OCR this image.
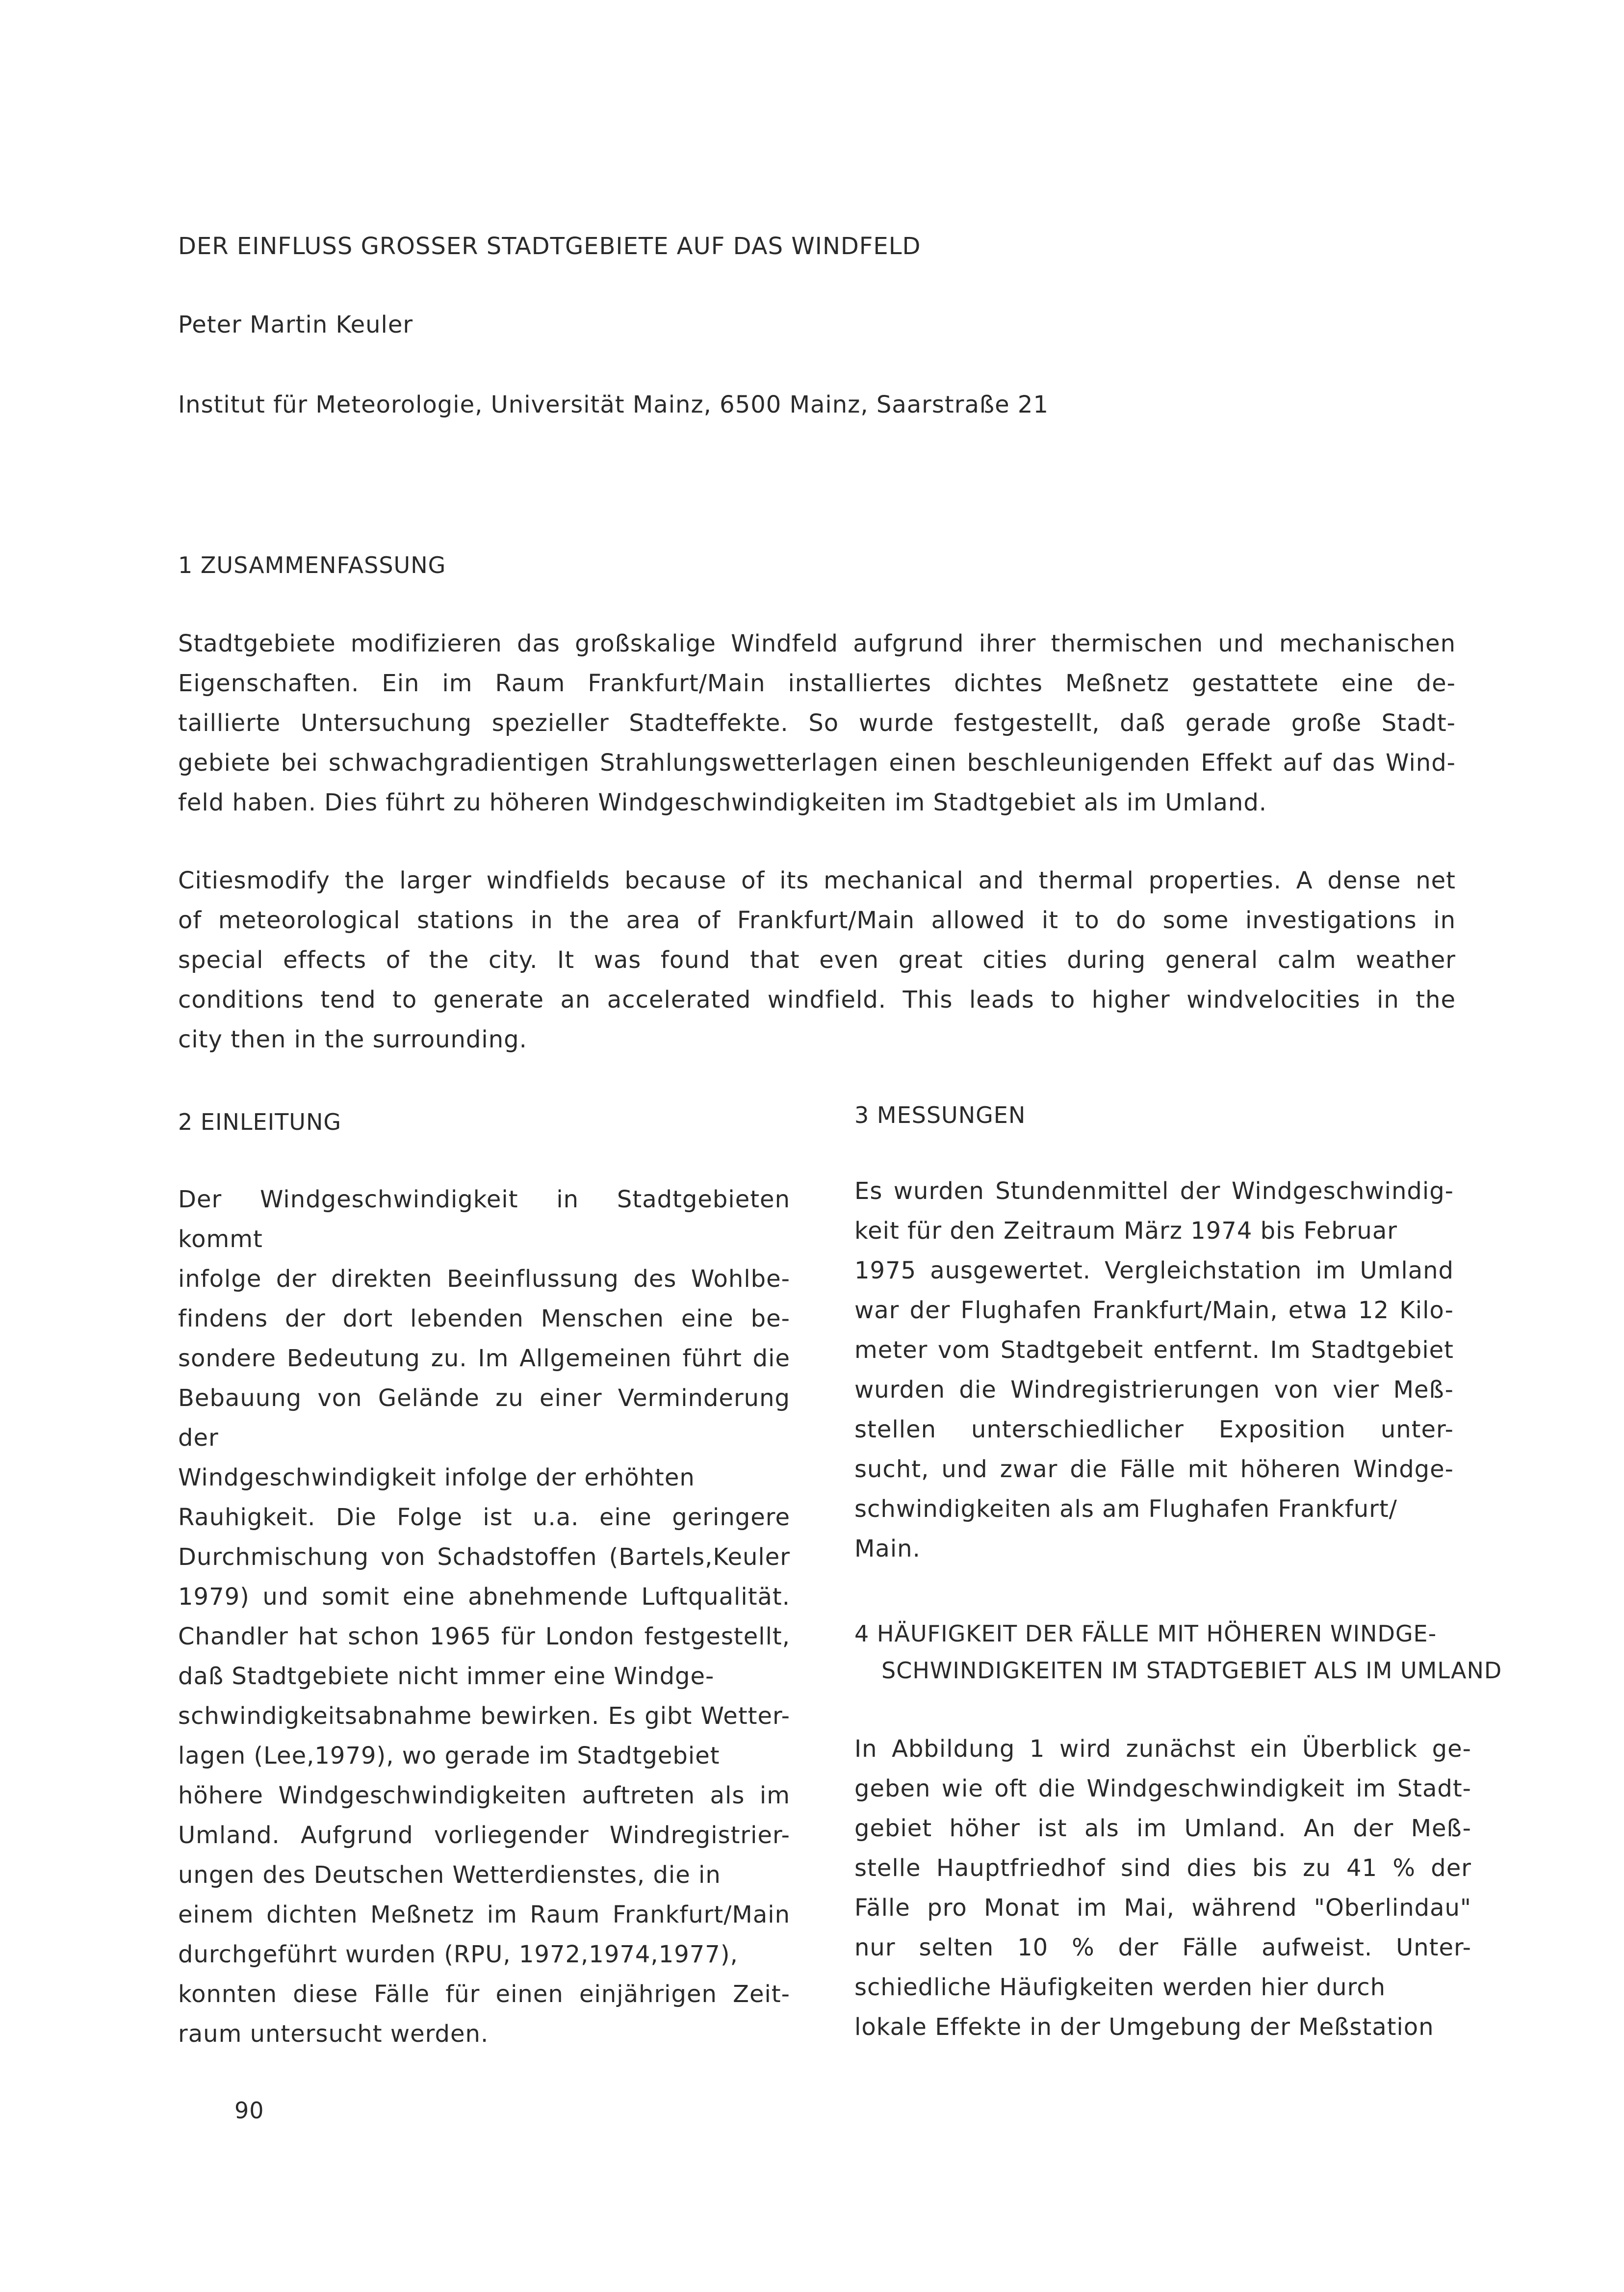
DER EINFLUSS GROSSER STADTGEBIETE AUF DAS WINDFELD
Peter Martin Keuler
Institut für Meteorologie, Universität Mainz, 6500 Mainz, Saarstraße 21
1 ZUSAMMENFASSUNG
Stadtgebiete modifizieren das großskalige Windfeld aufgrund ihrer thermischen und mechanischen
Eigenschaften. Ein im Raum Frankfurt/Main installiertes dichtes Meßnetz gestattete eine de-
taillierte Untersuchung spezieller Stadteffekte. So wurde festgestellt, daß gerade große Stadt-
gebiete bei schwachgradientigen Strahlungswetterlagen einen beschleunigenden Effekt auf das Wind-
feld haben. Dies führt zu höheren Windgeschwindigkeiten im Stadtgebiet als im Umland.
Citiesmodify the larger windfields because of its mechanical and thermal properties. A dense net
of meteorological stations in the area of Frankfurt/Main allowed it to do some investigations in
special effects of the city. It was found that even great cities during general calm weather
conditions tend to generate an accelerated windfield. This leads to higher windvelocities in the
city then in the surrounding.
2 EINLEITUNG
Der Windgeschwindigkeit in Stadtgebieten kommt
infolge der direkten Beeinflussung des Wohlbe-
findens der dort lebenden Menschen eine be-
sondere Bedeutung zu. Im Allgemeinen führt die
Bebauung von Gelände zu einer Verminderung der
Windgeschwindigkeit infolge der erhöhten
Rauhigkeit. Die Folge ist u.a. eine geringere
Durchmischung von Schadstoffen (Bartels,Keuler
1979) und somit eine abnehmende Luftqualität.
Chandler hat schon 1965 für London festgestellt,
daß Stadtgebiete nicht immer eine Windge-
schwindigkeitsabnahme bewirken. Es gibt Wetter-
lagen (Lee,1979), wo gerade im Stadtgebiet
höhere Windgeschwindigkeiten auftreten als im
Umland. Aufgrund vorliegender Windregistrier-
ungen des Deutschen Wetterdienstes, die in
einem dichten Meßnetz im Raum Frankfurt/Main
durchgeführt wurden (RPU, 1972,1974,1977),
konnten diese Fälle für einen einjährigen Zeit-
raum untersucht werden.
3 MESSUNGEN
Es wurden Stundenmittel der Windgeschwindig-
keit für den Zeitraum März 1974 bis Februar
1975 ausgewertet. Vergleichstation im Umland
war der Flughafen Frankfurt/Main, etwa 12 Kilo-
meter vom Stadtgebeit entfernt. Im Stadtgebiet
wurden die Windregistrierungen von vier Meß-
stellen unterschiedlicher Exposition unter-
sucht, und zwar die Fälle mit höheren Windge-
schwindigkeiten als am Flughafen Frankfurt/
Main.
4 HÄUFIGKEIT DER FÄLLE MIT HÖHEREN WINDGE-
SCHWINDIGKEITEN IM STADTGEBIET ALS IM UMLAND
In Abbildung 1 wird zunächst ein Überblick ge-
geben wie oft die Windgeschwindigkeit im Stadt-
gebiet höher ist als im Umland. An der Meß-
stelle Hauptfriedhof sind dies bis zu 41 % der
Fälle pro Monat im Mai, während "Oberlindau"
nur selten 10 % der Fälle aufweist. Unter-
schiedliche Häufigkeiten werden hier durch
lokale Effekte in der Umgebung der Meßstation
90
